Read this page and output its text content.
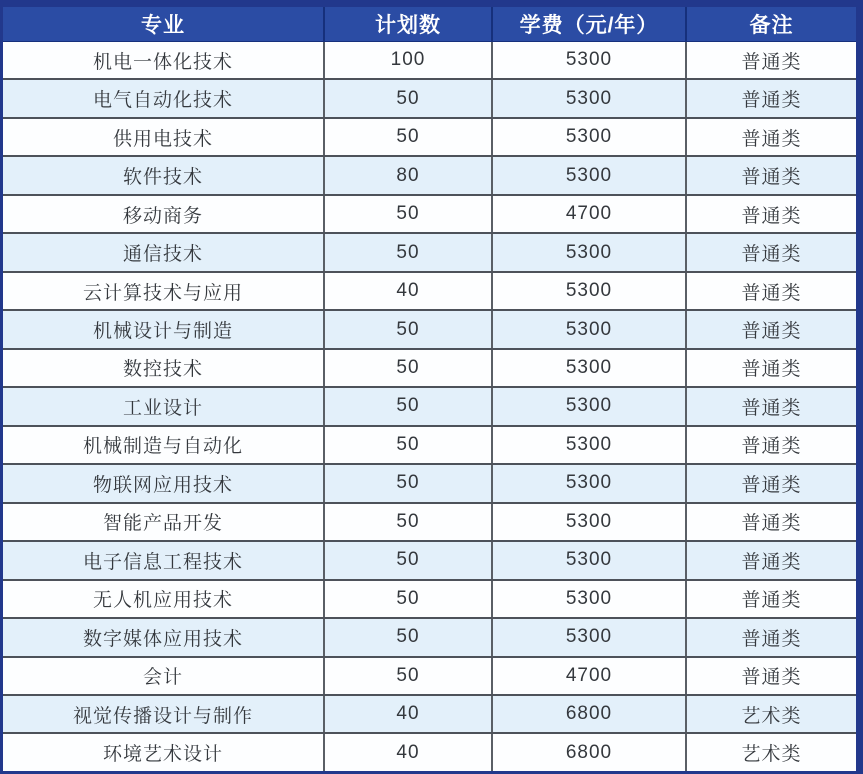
专业	计划数	学费（元/年）	备注
机电一体化技术	100	5300	普通类
电气自动化技术	50	5300	普通类
供用电技术	50	5300	普通类
软件技术	80	5300	普通类
移动商务	50	4700	普通类
通信技术	50	5300	普通类
云计算技术与应用	40	5300	普通类
机械设计与制造	50	5300	普通类
数控技术	50	5300	普通类
工业设计	50	5300	普通类
机械制造与自动化	50	5300	普通类
物联网应用技术	50	5300	普通类
智能产品开发	50	5300	普通类
电子信息工程技术	50	5300	普通类
无人机应用技术	50	5300	普通类
数字媒体应用技术	50	5300	普通类
会计	50	4700	普通类
视觉传播设计与制作	40	6800	艺术类
环境艺术设计	40	6800	艺术类
